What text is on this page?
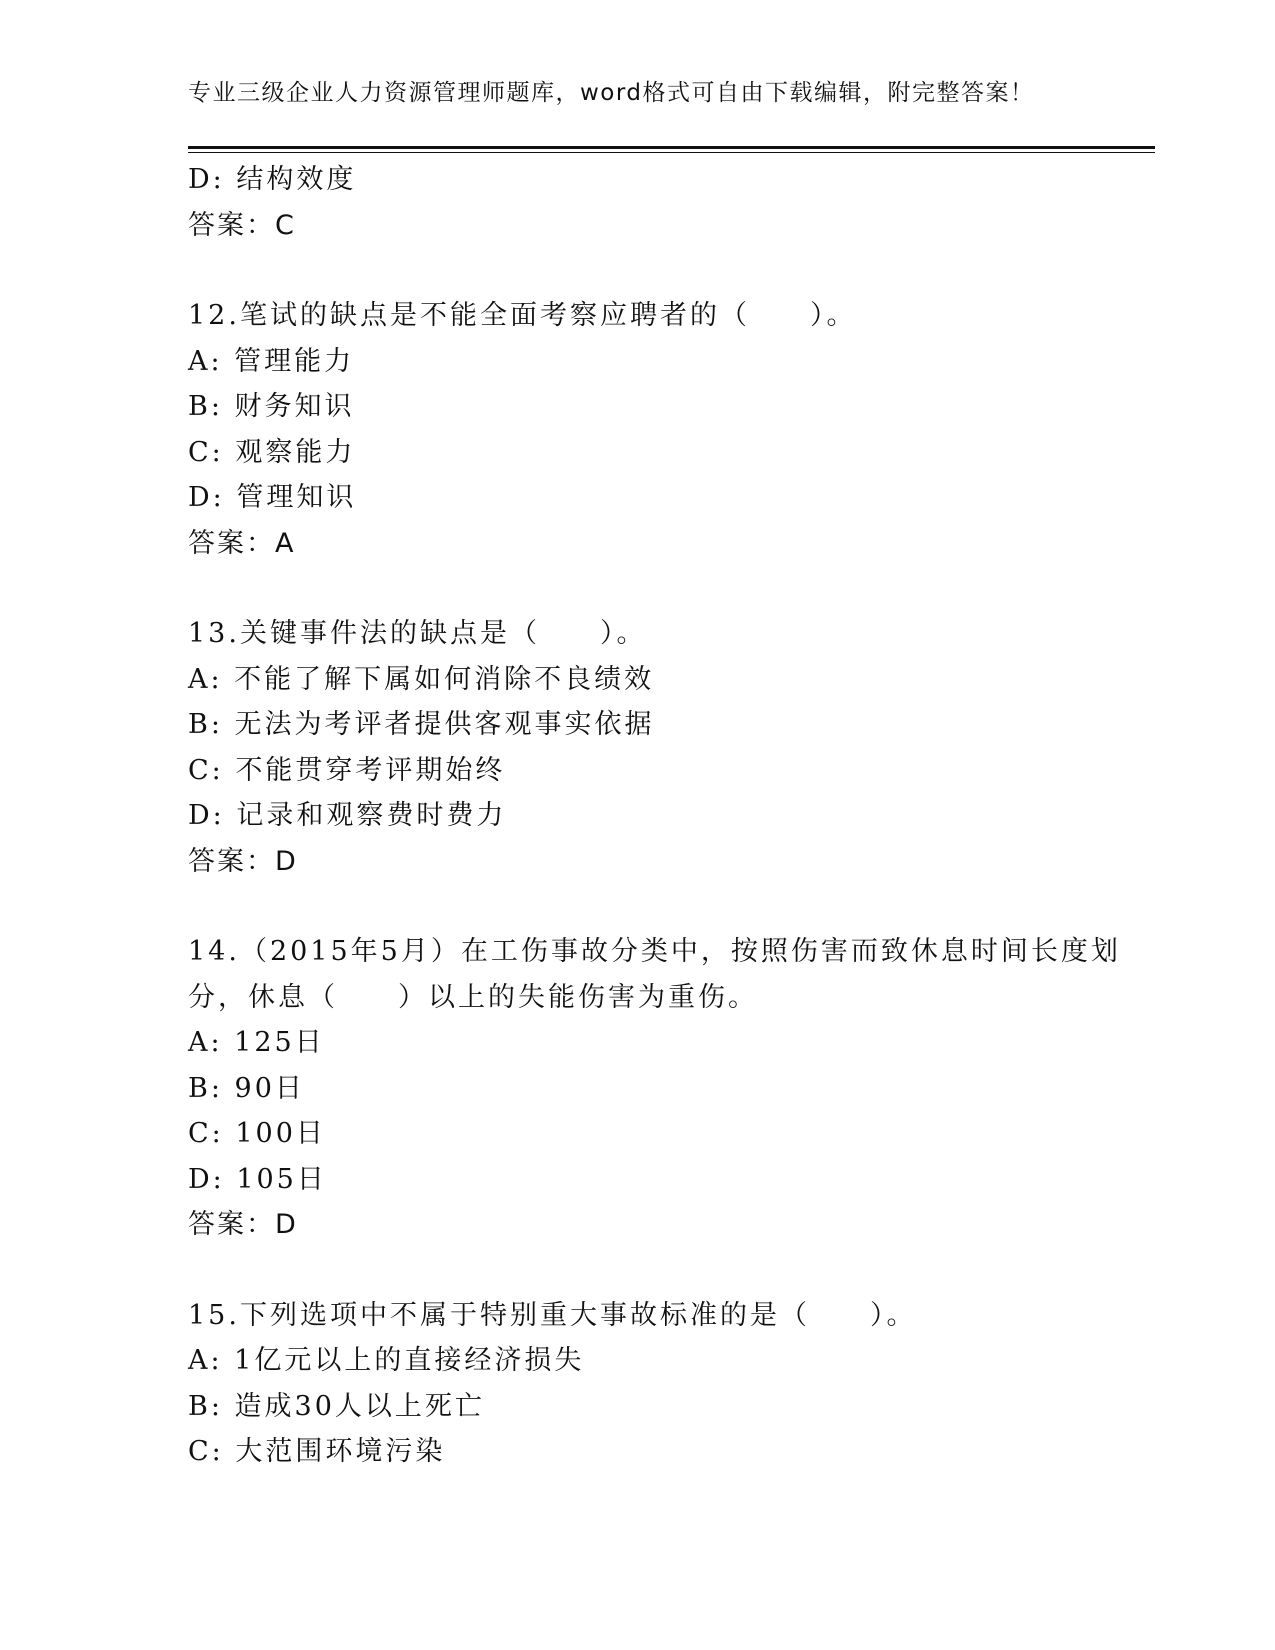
专业三级企业人力资源管理师题库，word格式可自由下载编辑，附完整答案！
D: 结构效度
答案：C
12.笔试的缺点是不能全面考察应聘者的（　　）。
A: 管理能力
B: 财务知识
C: 观察能力
D: 管理知识
答案：A
13.关键事件法的缺点是（　　）。
A: 不能了解下属如何消除不良绩效
B: 无法为考评者提供客观事实依据
C: 不能贯穿考评期始终
D: 记录和观察费时费力
答案：D
14.（2015年5月）在工伤事故分类中，按照伤害而致休息时间长度划
分，休息（　　）以上的失能伤害为重伤。
A: 125日
B: 90日
C: 100日
D: 105日
答案：D
15.下列选项中不属于特别重大事故标准的是（　　）。
A: 1亿元以上的直接经济损失
B: 造成30人以上死亡
C: 大范围环境污染
